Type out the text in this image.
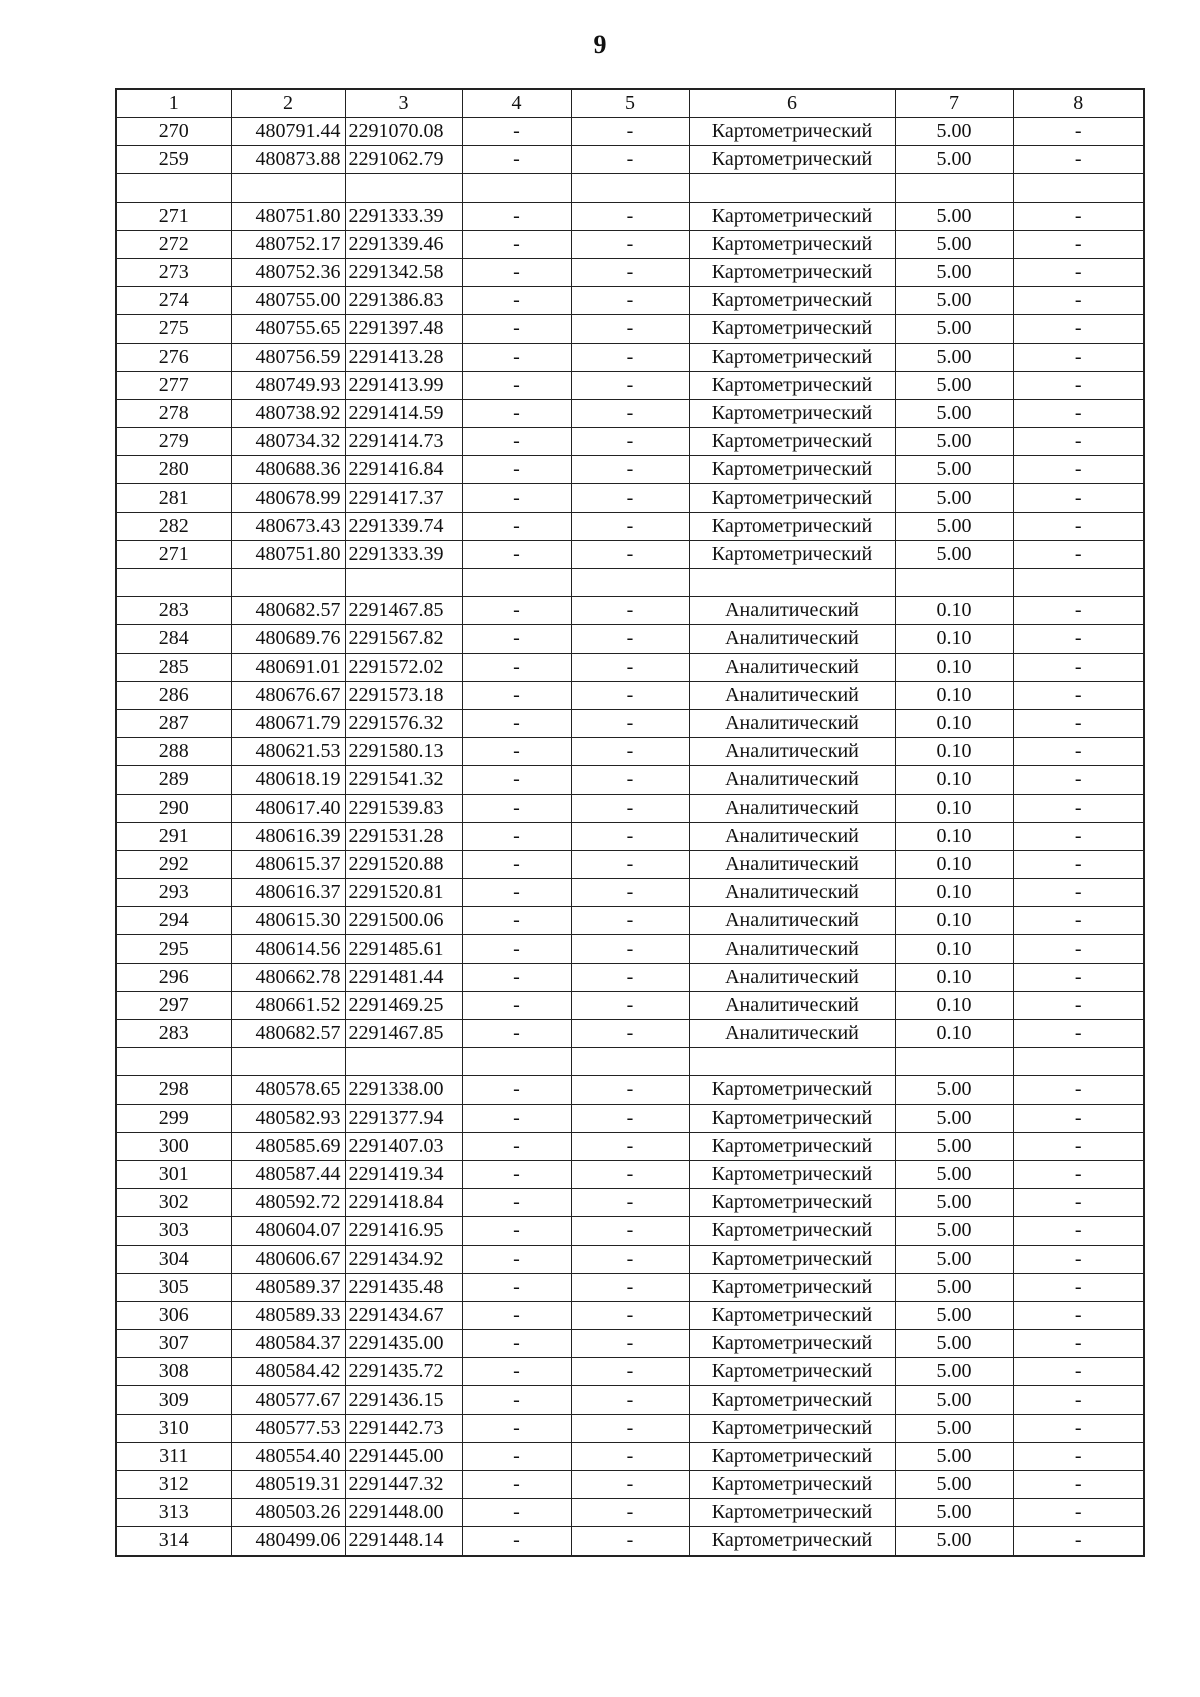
9
1	2	3	4	5	6	7	8
270	480791.44	2291070.08	-	-	Картометрический	5.00	-
259	480873.88	2291062.79	-	-	Картометрический	5.00	-

271	480751.80	2291333.39	-	-	Картометрический	5.00	-
272	480752.17	2291339.46	-	-	Картометрический	5.00	-
273	480752.36	2291342.58	-	-	Картометрический	5.00	-
274	480755.00	2291386.83	-	-	Картометрический	5.00	-
275	480755.65	2291397.48	-	-	Картометрический	5.00	-
276	480756.59	2291413.28	-	-	Картометрический	5.00	-
277	480749.93	2291413.99	-	-	Картометрический	5.00	-
278	480738.92	2291414.59	-	-	Картометрический	5.00	-
279	480734.32	2291414.73	-	-	Картометрический	5.00	-
280	480688.36	2291416.84	-	-	Картометрический	5.00	-
281	480678.99	2291417.37	-	-	Картометрический	5.00	-
282	480673.43	2291339.74	-	-	Картометрический	5.00	-
271	480751.80	2291333.39	-	-	Картометрический	5.00	-

283	480682.57	2291467.85	-	-	Аналитический	0.10	-
284	480689.76	2291567.82	-	-	Аналитический	0.10	-
285	480691.01	2291572.02	-	-	Аналитический	0.10	-
286	480676.67	2291573.18	-	-	Аналитический	0.10	-
287	480671.79	2291576.32	-	-	Аналитический	0.10	-
288	480621.53	2291580.13	-	-	Аналитический	0.10	-
289	480618.19	2291541.32	-	-	Аналитический	0.10	-
290	480617.40	2291539.83	-	-	Аналитический	0.10	-
291	480616.39	2291531.28	-	-	Аналитический	0.10	-
292	480615.37	2291520.88	-	-	Аналитический	0.10	-
293	480616.37	2291520.81	-	-	Аналитический	0.10	-
294	480615.30	2291500.06	-	-	Аналитический	0.10	-
295	480614.56	2291485.61	-	-	Аналитический	0.10	-
296	480662.78	2291481.44	-	-	Аналитический	0.10	-
297	480661.52	2291469.25	-	-	Аналитический	0.10	-
283	480682.57	2291467.85	-	-	Аналитический	0.10	-

298	480578.65	2291338.00	-	-	Картометрический	5.00	-
299	480582.93	2291377.94	-	-	Картометрический	5.00	-
300	480585.69	2291407.03	-	-	Картометрический	5.00	-
301	480587.44	2291419.34	-	-	Картометрический	5.00	-
302	480592.72	2291418.84	-	-	Картометрический	5.00	-
303	480604.07	2291416.95	-	-	Картометрический	5.00	-
304	480606.67	2291434.92	-	-	Картометрический	5.00	-
305	480589.37	2291435.48	-	-	Картометрический	5.00	-
306	480589.33	2291434.67	-	-	Картометрический	5.00	-
307	480584.37	2291435.00	-	-	Картометрический	5.00	-
308	480584.42	2291435.72	-	-	Картометрический	5.00	-
309	480577.67	2291436.15	-	-	Картометрический	5.00	-
310	480577.53	2291442.73	-	-	Картометрический	5.00	-
311	480554.40	2291445.00	-	-	Картометрический	5.00	-
312	480519.31	2291447.32	-	-	Картометрический	5.00	-
313	480503.26	2291448.00	-	-	Картометрический	5.00	-
314	480499.06	2291448.14	-	-	Картометрический	5.00	-
